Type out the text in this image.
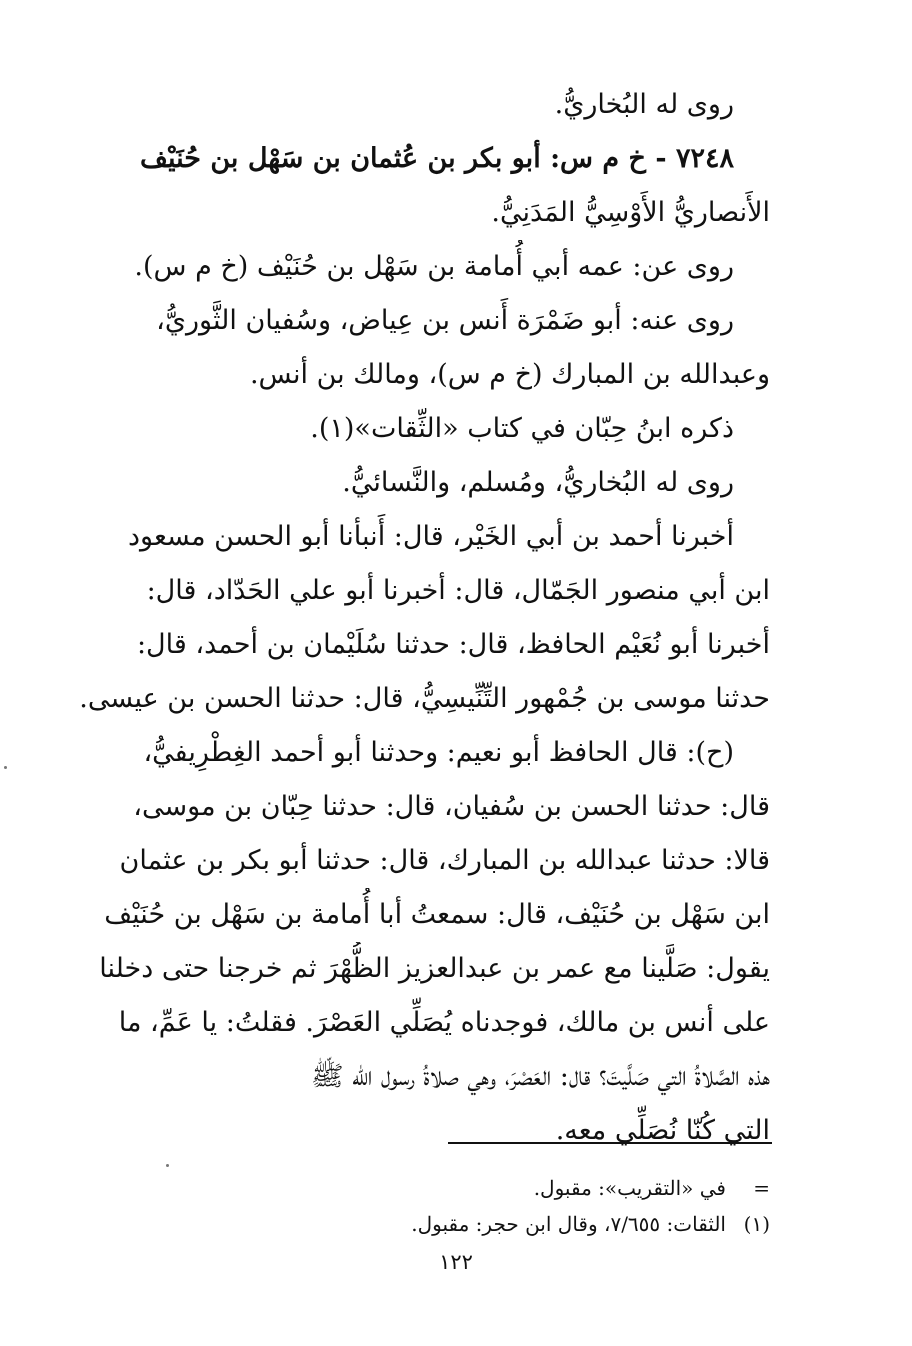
روى له البُخاريُّ.
٧٢٤٨ - خ م س: أبو بكر بن عُثمان بن سَهْل بن حُنَيْف
الأَنصاريُّ الأَوْسِيُّ المَدَنِيُّ.
روى عن: عمه أبي أُمامة بن سَهْل بن حُنَيْف (خ م س).
روى عنه: أبو ضَمْرَة أَنس بن عِياض، وسُفيان الثَّوريُّ،
وعبدالله بن المبارك (خ م س)، ومالك بن أنس.
ذكره ابنُ حِبّان في كتاب «الثِّقات»(١).
روى له البُخاريُّ، ومُسلم، والنَّسائيُّ.
أخبرنا أحمد بن أبي الخَيْر، قال: أَنبأنا أبو الحسن مسعود
ابن أبي منصور الجَمّال، قال: أخبرنا أبو علي الحَدّاد، قال:
أخبرنا أبو نُعَيْم الحافظ، قال: حدثنا سُلَيْمان بن أحمد، قال:
حدثنا موسى بن جُمْهور التِّنِّيسِيُّ، قال: حدثنا الحسن بن عيسى.
(ح): قال الحافظ أبو نعيم: وحدثنا أبو أحمد الغِطْرِيفيُّ،
قال: حدثنا الحسن بن سُفيان، قال: حدثنا حِبّان بن موسى،
قالا: حدثنا عبدالله بن المبارك، قال: حدثنا أبو بكر بن عثمان
ابن سَهْل بن حُنَيْف، قال: سمعتُ أبا أُمامة بن سَهْل بن حُنَيْف
يقول: صَلَّينا مع عمر بن عبدالعزيز الظُّهْرَ ثم خرجنا حتى دخلنا
على أنس بن مالك، فوجدناه يُصَلِّي العَصْرَ. فقلتُ: يا عَمِّ، ما
هذه الصَّلاةُ التي صَلَّيتَ؟ قال: العَصْرَ، وهي صلاةُ رسول الله ﷺ
التي كُنّا نُصَلِّي معه.
=في «التقريب»: مقبول.
(١)الثقات: ٧/٦٥٥، وقال ابن حجر: مقبول.
١٢٢
